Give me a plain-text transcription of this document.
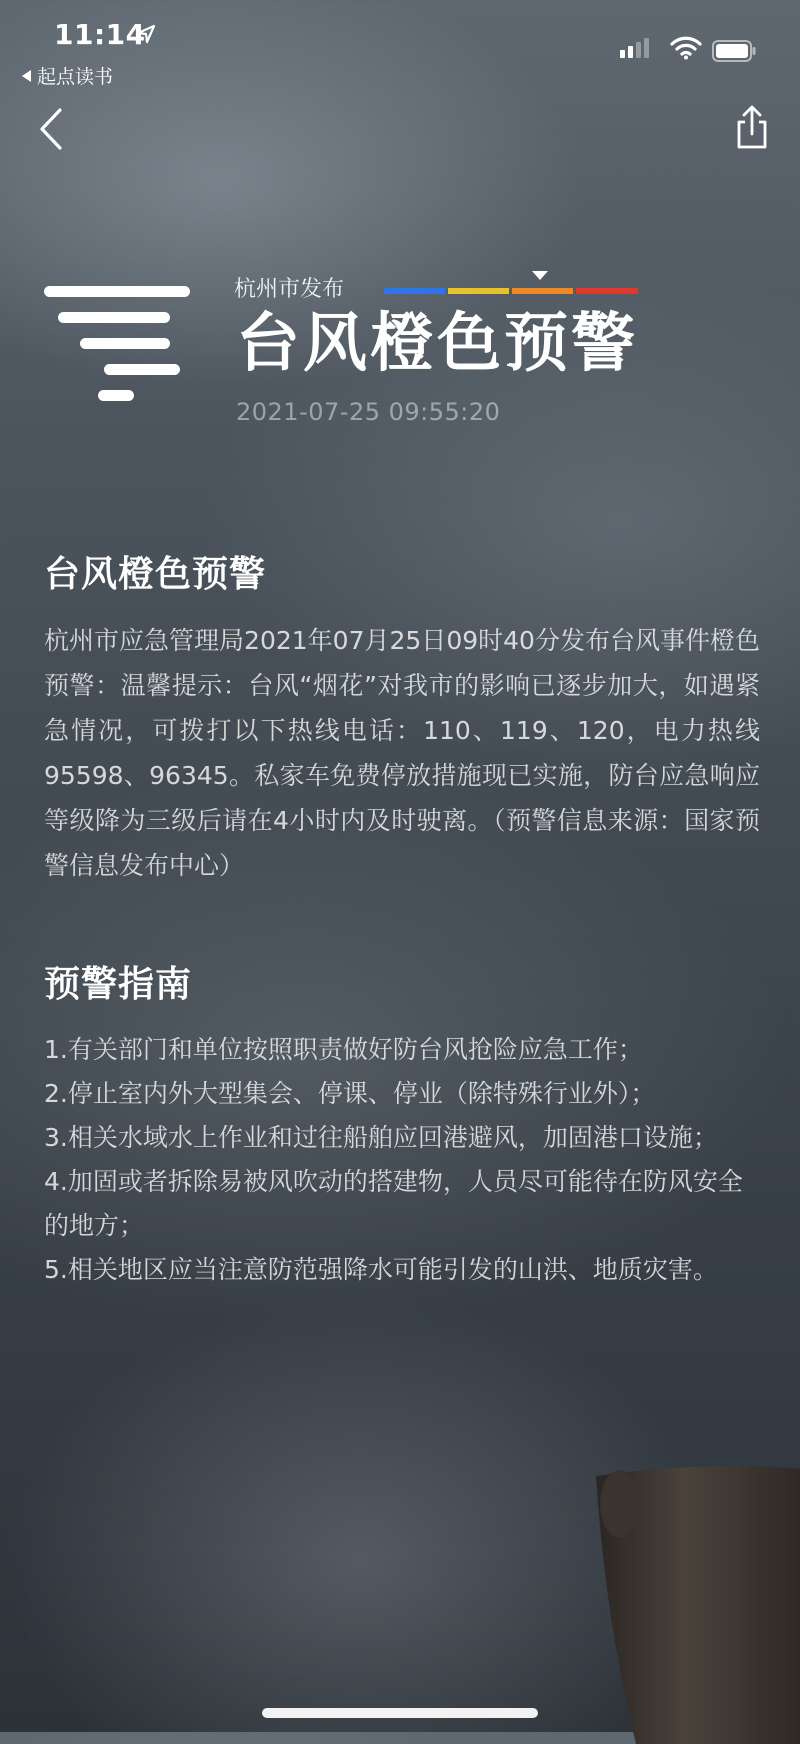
11:14
起点读书
杭州市发布
台风橙色预警
2021-07-25 09:55:20
台风橙色预警

杭州市应急管理局2021年07月25日09时40分发布台风事件橙色预警：温馨提示：台风“烟花”对我市的影响已逐步加大，如遇紧急情况，可拨打以下热线电话：110、119、120，电力热线95598、96345。私家车免费停放措施现已实施，防台应急响应等级降为三级后请在4小时内及时驶离。（预警信息来源：国家预警信息发布中心）

预警指南
1.有关部门和单位按照职责做好防台风抢险应急工作；
2.停止室内外大型集会、停课、停业（除特殊行业外）；
3.相关水域水上作业和过往船舶应回港避风，加固港口设施；
4.加固或者拆除易被风吹动的搭建物，人员尽可能待在防风安全的地方；
5.相关地区应当注意防范强降水可能引发的山洪、地质灾害。
